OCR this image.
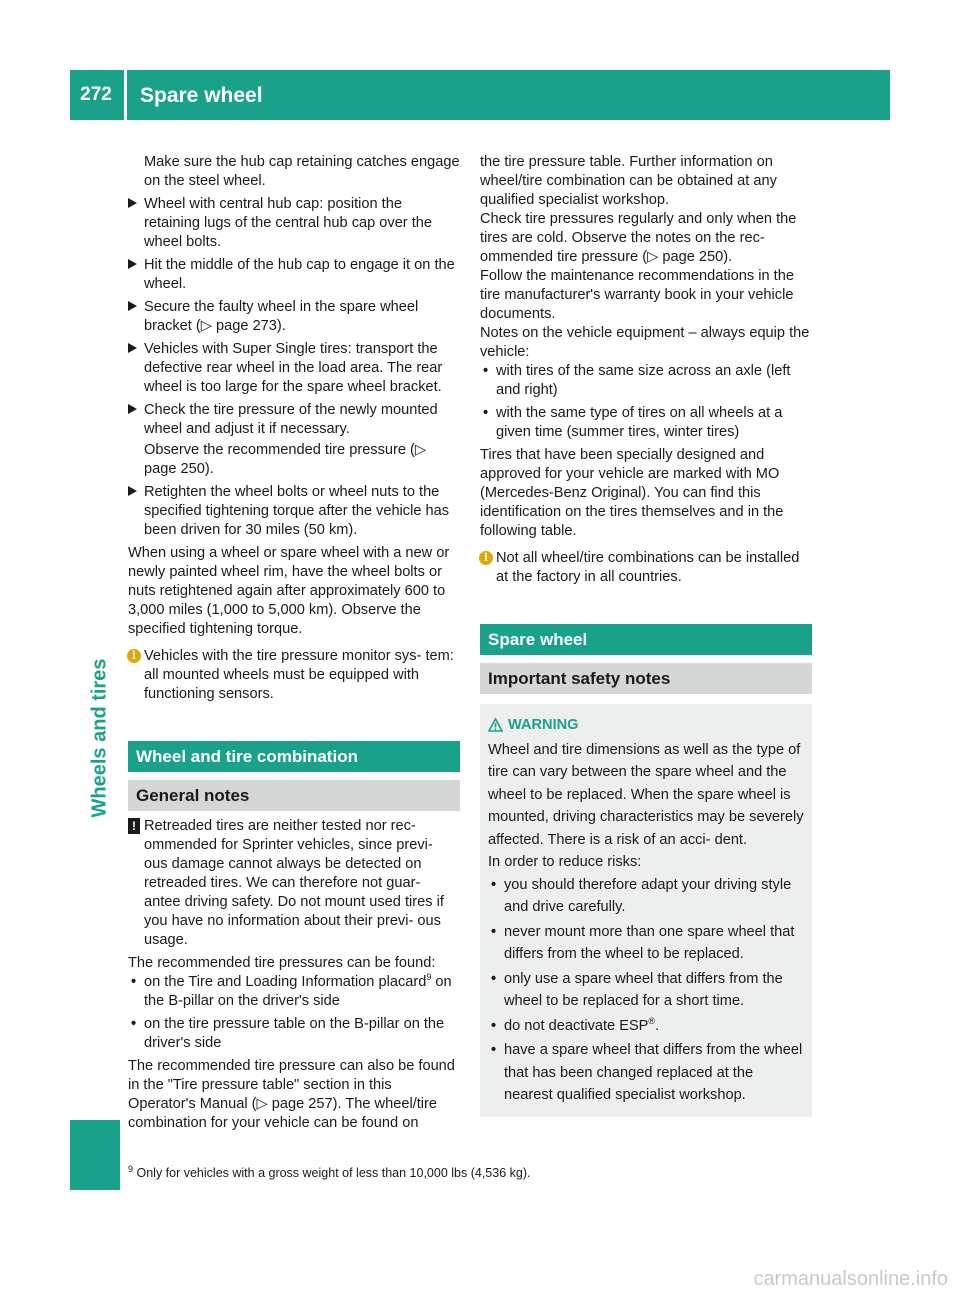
272	Spare wheel
Wheels and tires
Make sure the hub cap retaining catches engage on the steel wheel.
Wheel with central hub cap: position the retaining lugs of the central hub cap over the wheel bolts.
Hit the middle of the hub cap to engage it on the wheel.
Secure the faulty wheel in the spare wheel bracket (▷ page 273).
Vehicles with Super Single tires: transport the defective rear wheel in the load area. The rear wheel is too large for the spare wheel bracket.
Check the tire pressure of the newly mounted wheel and adjust it if necessary.
Observe the recommended tire pressure (▷ page 250).
Retighten the wheel bolts or wheel nuts to the specified tightening torque after the vehicle has been driven for 30 miles (50 km).

When using a wheel or spare wheel with a new or newly painted wheel rim, have the wheel bolts or nuts retightened again after approximately 600 to 3,000 miles (1,000 to 5,000 km). Observe the specified tightening torque.

i Vehicles with the tire pressure monitor sys- tem: all mounted wheels must be equipped with functioning sensors.
Wheel and tire combination
General notes
! Retreaded tires are neither tested nor rec- ommended for Sprinter vehicles, since previ- ous damage cannot always be detected on retreaded tires. We can therefore not guar- antee driving safety. Do not mount used tires if you have no information about their previ- ous usage.

The recommended tire pressures can be found:

• on the Tire and Loading Information placard$^9$ on the B-pillar on the driver's side
• on the tire pressure table on the B-pillar on the driver's side

The recommended tire pressure can also be found in the "Tire pressure table" section in this Operator's Manual (▷ page 257). The wheel/tire combination for your vehicle can be found on

the tire pressure table. Further information on wheel/tire combination can be obtained at any qualified specialist workshop.

Check tire pressures regularly and only when the tires are cold. Observe the notes on the rec- ommended tire pressure (▷ page 250).

Follow the maintenance recommendations in the tire manufacturer's warranty book in your vehicle documents.

Notes on the vehicle equipment – always equip the vehicle:

• with tires of the same size across an axle (left and right)
• with the same type of tires on all wheels at a given time (summer tires, winter tires)

Tires that have been specially designed and approved for your vehicle are marked with MO (Mercedes-Benz Original). You can find this identification on the tires themselves and in the following table.

i Not all wheel/tire combinations can be installed at the factory in all countries.
Spare wheel
Important safety notes
WARNING

Wheel and tire dimensions as well as the type of tire can vary between the spare wheel and the wheel to be replaced. When the spare wheel is mounted, driving characteristics may be severely affected. There is a risk of an acci- dent.

In order to reduce risks:

• you should therefore adapt your driving style and drive carefully.
• never mount more than one spare wheel that differs from the wheel to be replaced.
• only use a spare wheel that differs from the wheel to be replaced for a short time.
• do not deactivate ESP®.
• have a spare wheel that differs from the wheel that has been changed replaced at the nearest qualified specialist workshop.
$^9$ Only for vehicles with a gross weight of less than 10,000 lbs (4,536 kg).
carmanualsonline.info
